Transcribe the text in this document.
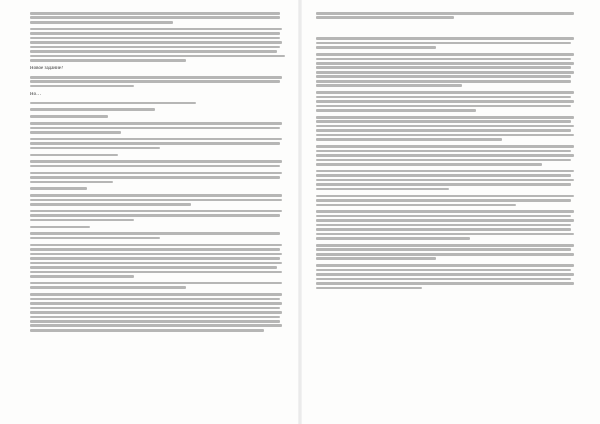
Новое задание?
Но…
